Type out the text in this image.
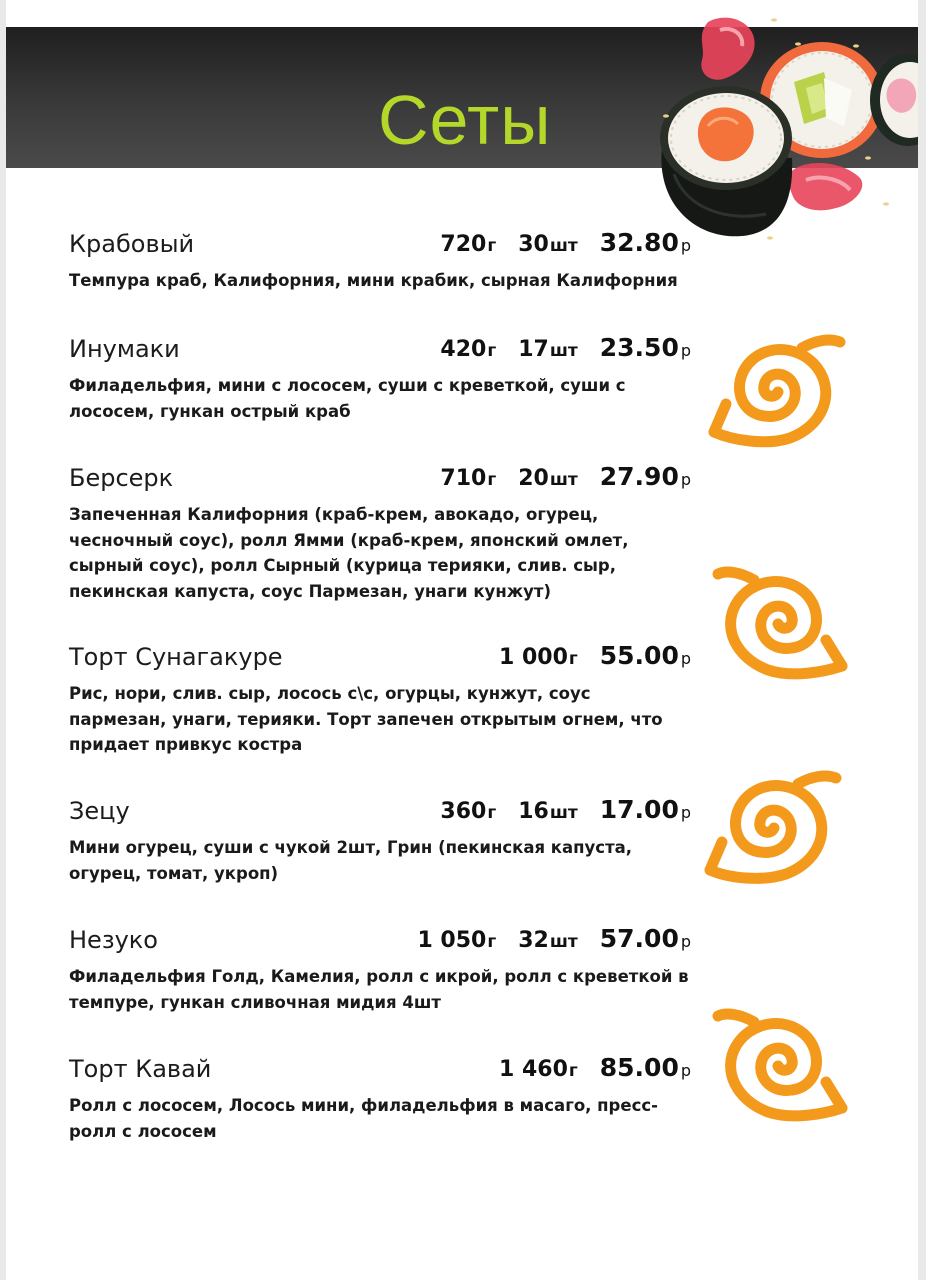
Сеты
Крабовый	720 г 30 шт 32.80 р

Темпура краб, Калифорния, мини крабик, сырная Калифорния

Инумаки	420 г 17 шт 23.50 р

Филадельфия, мини с лососем, суши с креветкой, суши с лососем, гункан острый краб

Берсерк	710 г 20 шт 27.90 р

Запеченная Калифорния (краб-крем, авокадо, огурец, чесночный соус), ролл Ямми (краб-крем, японский омлет, сырный соус), ролл Сырный (курица терияки, слив. сыр, пекинская капуста, соус Пармезан, унаги кунжут)

Торт Сунагакуре	1 000 г 55.00 р

Рис, нори, слив. сыр, лосось с\с, огурцы, кунжут, соус пармезан, унаги, терияки. Торт запечен открытым огнем, что придает привкус костра

Зецу	360 г 16 шт 17.00 р

Мини огурец, суши с чукой 2шт, Грин (пекинская капуста, огурец, томат, укроп)

Незуко	1 050 г 32 шт 57.00 р

Филадельфия Голд, Камелия, ролл с икрой, ролл с креветкой в темпуре, гункан сливочная мидия 4шт

Торт Кавай	1 460 г 85.00 р

Ролл с лососем, Лосось мини, филадельфия в масаго, пресс-ролл с лососем
